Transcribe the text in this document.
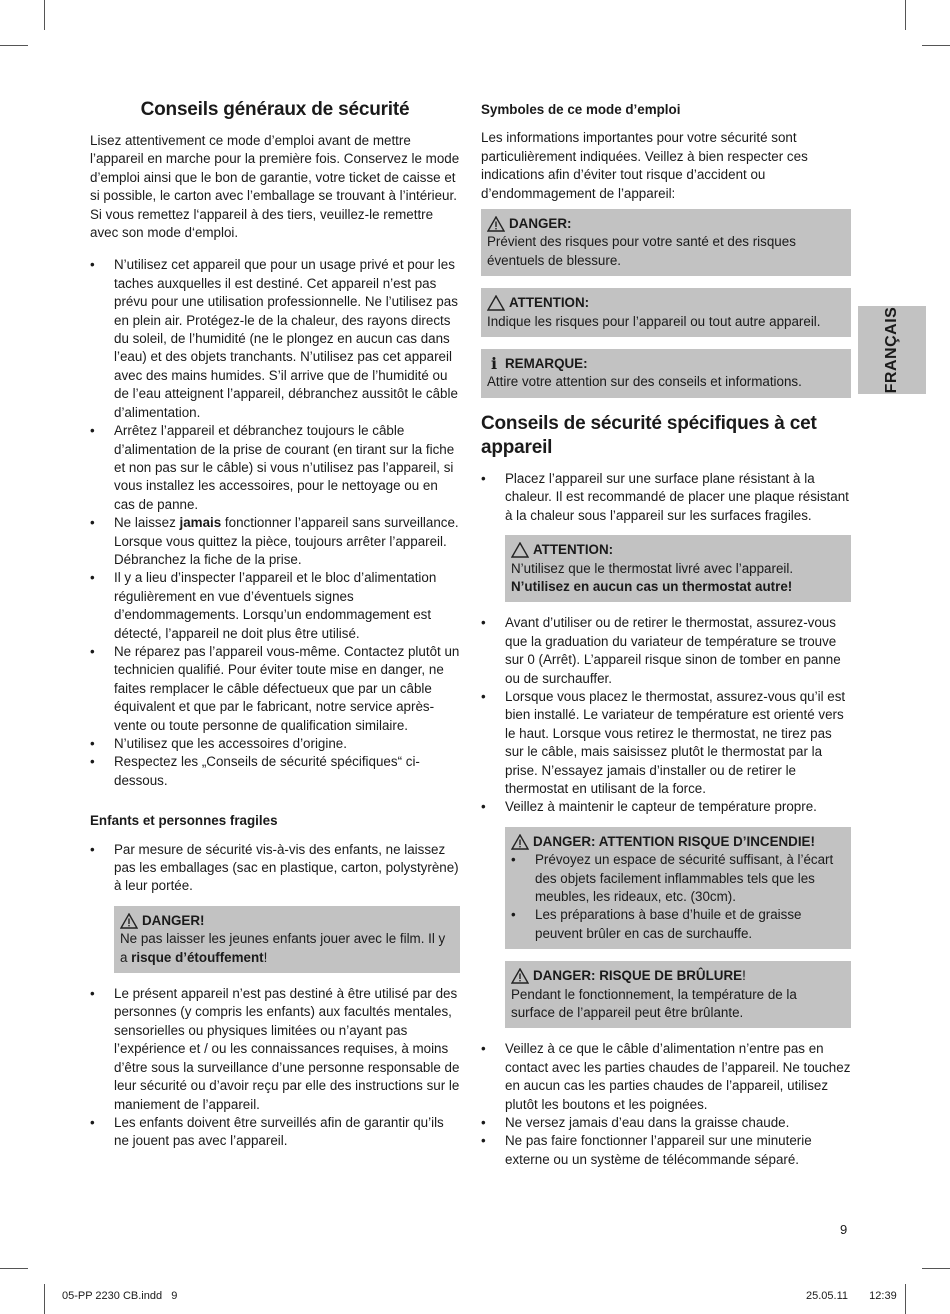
Conseils généraux de sécurité

Lisez attentivement ce mode d’emploi avant de mettre l’appareil en marche pour la première fois. Conservez le mode d’emploi ainsi que le bon de garantie, votre ticket de caisse et si possible, le carton avec l’emballage se trouvant à l’intérieur. Si vous remettez l‘appareil à des tiers, veuillez-le remettre avec son mode d‘emploi.

• N’utilisez cet appareil que pour un usage privé et pour les taches auxquelles il est destiné. Cet appareil n’est pas prévu pour une utilisation professionnelle. Ne l’utilisez pas en plein air. Protégez-le de la chaleur, des rayons directs du soleil, de l’humidité (ne le plongez en aucun cas dans l’eau) et des objets tranchants. N’utilisez pas cet appareil avec des mains humides. S’il arrive que de l’humidité ou de l’eau atteignent l’appareil, débranchez aussitôt le câble d’alimentation.
• Arrêtez l’appareil et débranchez toujours le câble d’alimentation de la prise de courant (en tirant sur la fiche et non pas sur le câble) si vous n’utilisez pas l’appareil, si vous installez les accessoires, pour le nettoyage ou en cas de panne.
• Ne laissez jamais fonctionner l’appareil sans surveillance. Lorsque vous quittez la pièce, toujours arrêter l’appareil. Débranchez la fiche de la prise.
• Il y a lieu d’inspecter l’appareil et le bloc d’alimentation régulièrement en vue d’éventuels signes d’endommagements. Lorsqu’un endommagement est détecté, l’appareil ne doit plus être utilisé.
• Ne réparez pas l’appareil vous-même. Contactez plutôt un technicien qualifié. Pour éviter toute mise en danger, ne faites remplacer le câble défectueux que par un câble équivalent et que par le fabricant, notre service après-vente ou toute personne de qualification similaire.
• N’utilisez que les accessoires d’origine.
• Respectez les „Conseils de sécurité spécifiques“ ci-dessous.
Enfants et personnes fragiles
• Par mesure de sécurité vis-à-vis des enfants, ne laissez pas les emballages (sac en plastique, carton, polystyrène) à leur portée.
DANGER!
Ne pas laisser les jeunes enfants jouer avec le film. Il y a risque d’étouffement!
• Le présent appareil n’est pas destiné à être utilisé par des personnes (y compris les enfants) aux facultés mentales, sensorielles ou physiques limitées ou n’ayant pas l’expérience et / ou les connaissances requises, à moins d’être sous la surveillance d’une personne responsable de leur sécurité ou d’avoir reçu par elle des instructions sur le maniement de l’appareil.
• Les enfants doivent être surveillés afin de garantir qu’ils ne jouent pas avec l’appareil.
Symboles de ce mode d’emploi

Les informations importantes pour votre sécurité sont particulièrement indiquées. Veillez à bien respecter ces indications afin d’éviter tout risque d’accident ou d’endommagement de l’appareil:

DANGER:
Prévient des risques pour votre santé et des risques éventuels de blessure.
ATTENTION:
Indique les risques pour l’appareil ou tout autre appareil.
i REMARQUE:
Attire votre attention sur des conseils et informations.
Conseils de sécurité spécifiques à cet appareil
• Placez l’appareil sur une surface plane résistant à la chaleur. Il est recommandé de placer une plaque résistant à la chaleur sous l’appareil sur les surfaces fragiles.
ATTENTION:
N’utilisez que le thermostat livré avec l’appareil.
N’utilisez en aucun cas un thermostat autre!
• Avant d’utiliser ou de retirer le thermostat, assurez-vous que la graduation du variateur de température se trouve sur 0 (Arrêt). L’appareil risque sinon de tomber en panne ou de surchauffer.
• Lorsque vous placez le thermostat, assurez-vous qu’il est bien installé. Le variateur de température est orienté vers le haut. Lorsque vous retirez le thermostat, ne tirez pas sur le câble, mais saisissez plutôt le thermostat par la prise. N’essayez jamais d’installer ou de retirer le thermostat en utilisant de la force.
• Veillez à maintenir le capteur de température propre.
DANGER: ATTENTION RISQUE D’INCENDIE!
• Prévoyez un espace de sécurité suffisant, à l’écart des objets facilement inflammables tels que les meubles, les rideaux, etc. (30cm).
• Les préparations à base d’huile et de graisse peuvent brûler en cas de surchauffe.
DANGER: RISQUE DE BRÛLURE!
Pendant le fonctionnement, la température de la surface de l’appareil peut être brûlante.
• Veillez à ce que le câble d’alimentation n’entre pas en contact avec les parties chaudes de l’appareil. Ne touchez en aucun cas les parties chaudes de l’appareil, utilisez plutôt les boutons et les poignées.
• Ne versez jamais d’eau dans la graisse chaude.
• Ne pas faire fonctionner l’appareil sur une minuterie externe ou un système de télécommande séparé.
FRANÇAIS
9
05-PP 2230 CB.indd   9	25.05.11   12:39
